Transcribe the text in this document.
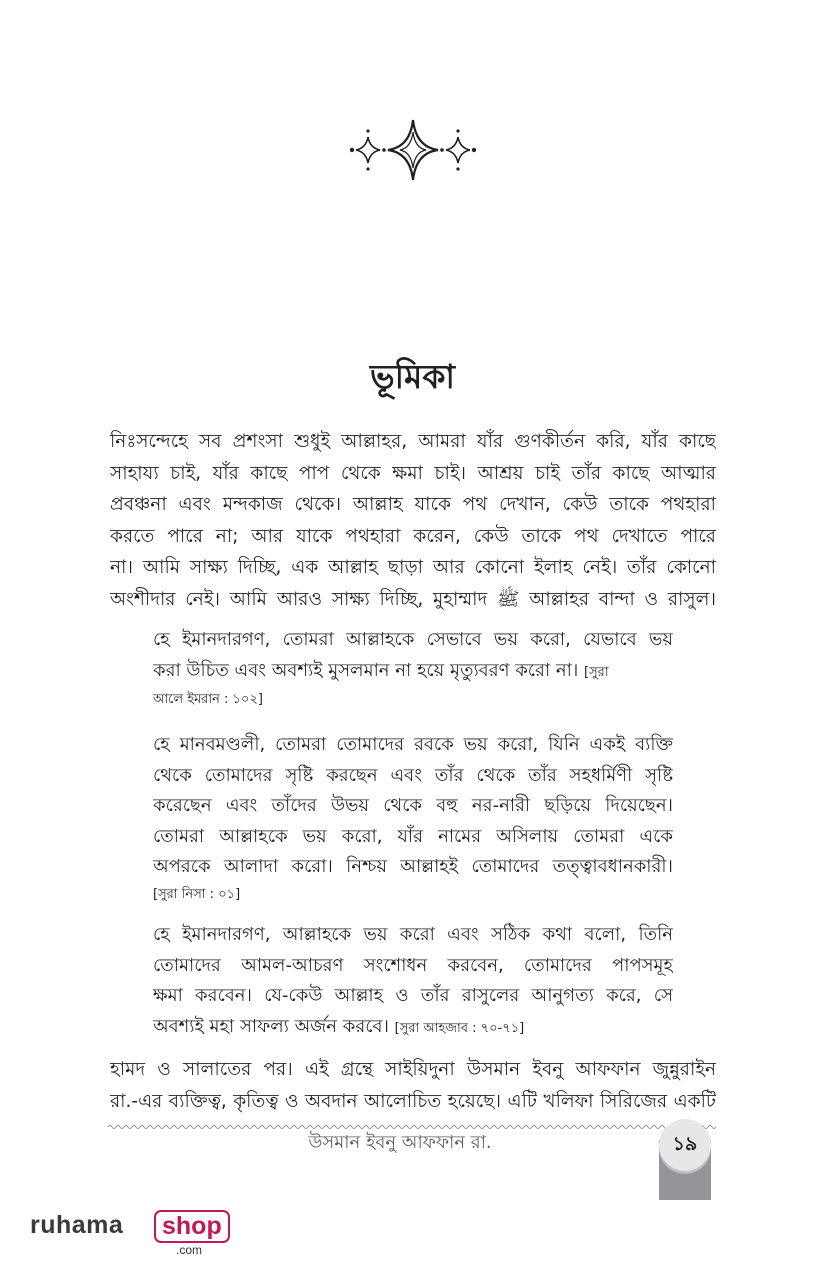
ভূমিকা
নিঃসন্দেহে সব প্রশংসা শুধুই আল্লাহর, আমরা যাঁর গুণকীর্তন করি, যাঁর কাছে
সাহায্য চাই, যাঁর কাছে পাপ থেকে ক্ষমা চাই। আশ্রয় চাই তাঁর কাছে আত্মার
প্রবঞ্চনা এবং মন্দকাজ থেকে। আল্লাহ যাকে পথ দেখান, কেউ তাকে পথহারা
করতে পারে না; আর যাকে পথহারা করেন, কেউ তাকে পথ দেখাতে পারে
না। আমি সাক্ষ্য দিচ্ছি, এক আল্লাহ ছাড়া আর কোনো ইলাহ নেই। তাঁর কোনো
অংশীদার নেই। আমি আরও সাক্ষ্য দিচ্ছি, মুহাম্মাদ ﷺ আল্লাহর বান্দা ও রাসুল।
হে ইমানদারগণ, তোমরা আল্লাহকে সেভাবে ভয় করো, যেভাবে ভয়
করা উচিত এবং অবশ্যই মুসলমান না হয়ে মৃত্যুবরণ করো না। [সুরা
আলে ইমরান : ১০২]
হে মানবমণ্ডলী, তোমরা তোমাদের রবকে ভয় করো, যিনি একই ব্যক্তি
থেকে তোমাদের সৃষ্টি করছেন এবং তাঁর থেকে তাঁর সহধর্মিণী সৃষ্টি
করেছেন এবং তাঁদের উভয় থেকে বহু নর-নারী ছড়িয়ে দিয়েছেন।
তোমরা আল্লাহকে ভয় করো, যাঁর নামের অসিলায় তোমরা একে
অপরকে আলাদা করো। নিশ্চয় আল্লাহই তোমাদের তত্ত্বাবধানকারী।
[সুরা নিসা : ০১]
হে ইমানদারগণ, আল্লাহকে ভয় করো এবং সঠিক কথা বলো, তিনি
তোমাদের আমল-আচরণ সংশোধন করবেন, তোমাদের পাপসমূহ
ক্ষমা করবেন। যে-কেউ আল্লাহ ও তাঁর রাসুলের আনুগত্য করে, সে
অবশ্যই মহা সাফল্য অর্জন করবে। [সুরা আহজাব : ৭০-৭১]
হামদ ও সালাতের পর। এই গ্রন্থে সাইয়িদুনা উসমান ইবনু আফফান জুন্নুরাইন
রা.-এর ব্যক্তিত্ব, কৃতিত্ব ও অবদান আলোচিত হয়েছে। এটি খলিফা সিরিজের একটি
উসমান ইবনু আফফান রা.	১৯
ruhama	shop
.com
